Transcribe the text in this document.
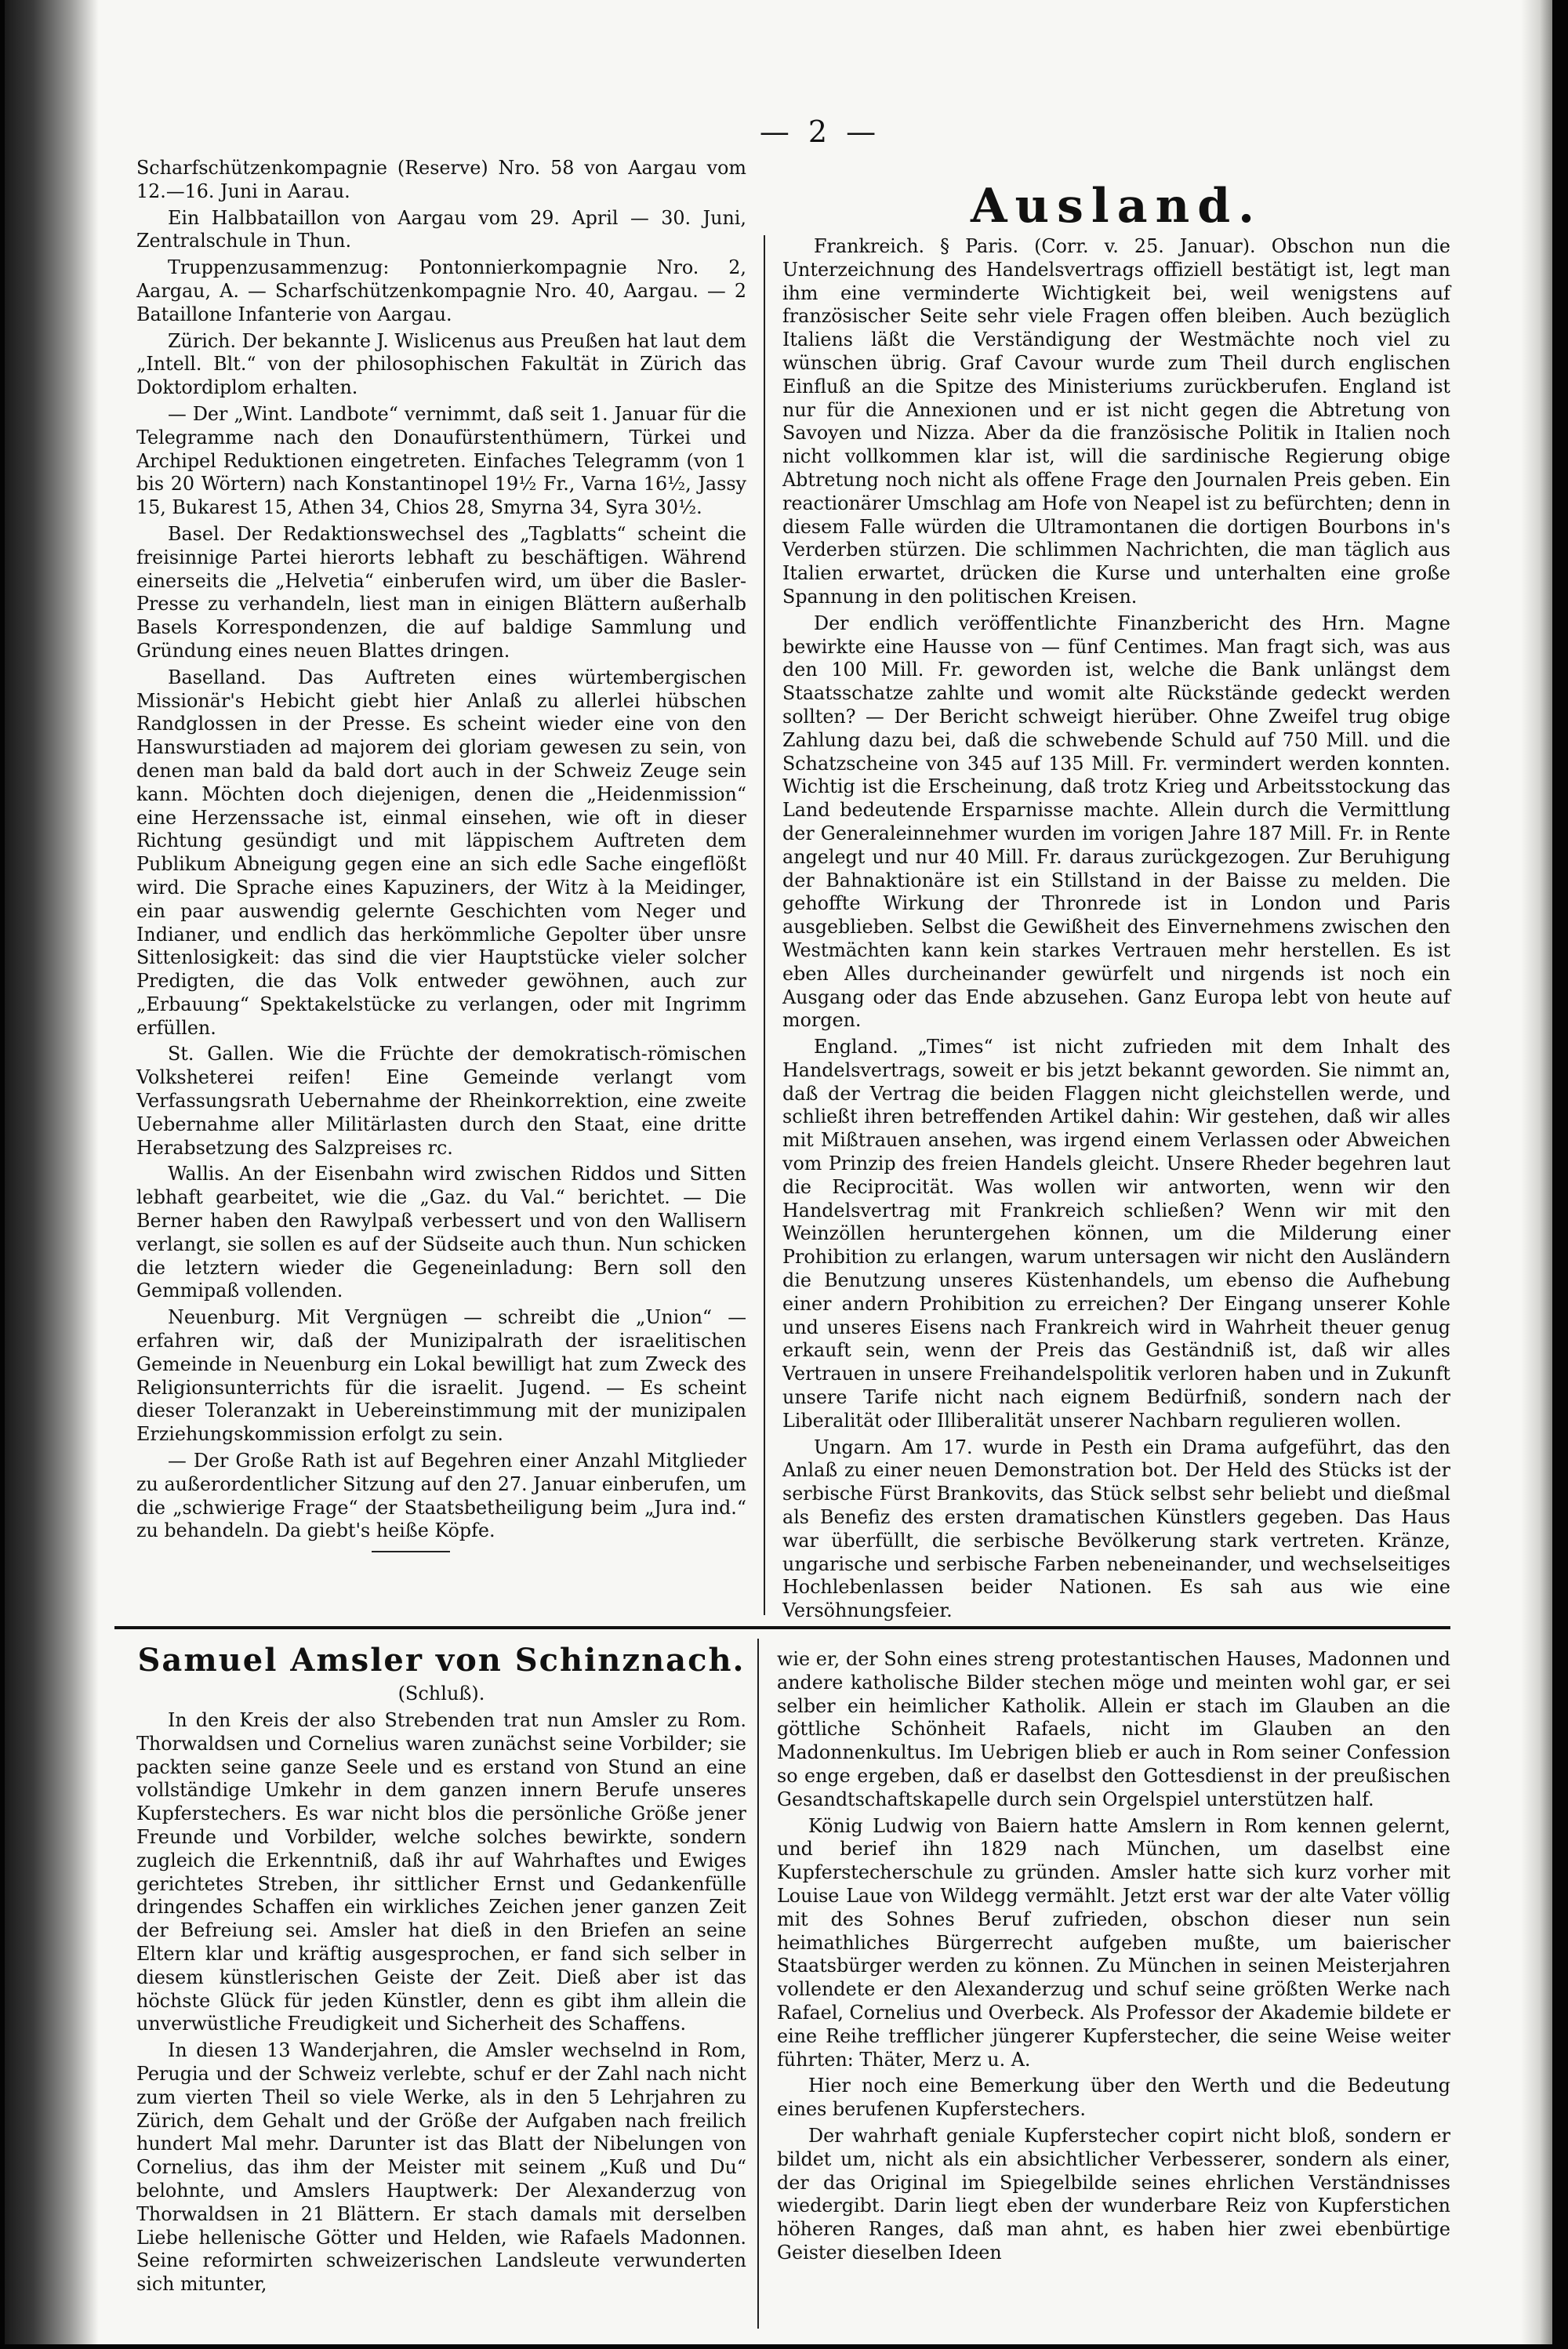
— 2 —

Scharfschützenkompagnie (Reserve) Nro. 58 von Aargau vom 12.—16. Juni in Aarau.

Ein Halbbataillon von Aargau vom 29. April — 30. Juni, Zentralschule in Thun.

Truppenzusammenzug: Pontonnierkompagnie Nro. 2, Aargau, A. — Scharfschützenkompagnie Nro. 40, Aargau. — 2 Bataillone Infanterie von Aargau.

Zürich. Der bekannte J. Wislicenus aus Preußen hat laut dem „Intell. Blt.“ von der philosophischen Fakultät in Zürich das Doktordiplom erhalten.

— Der „Wint. Landbote“ vernimmt, daß seit 1. Januar für die Telegramme nach den Donaufürstenthümern, Türkei und Archipel Reduktionen eingetreten. Einfaches Telegramm (von 1 bis 20 Wörtern) nach Konstantinopel 19½ Fr., Varna 16½, Jassy 15, Bukarest 15, Athen 34, Chios 28, Smyrna 34, Syra 30½.

Basel. Der Redaktionswechsel des „Tagblatts“ scheint die freisinnige Partei hierorts lebhaft zu beschäftigen. Während einerseits die „Helvetia“ einberufen wird, um über die Basler-Presse zu verhandeln, liest man in einigen Blättern außerhalb Basels Korrespondenzen, die auf baldige Sammlung und Gründung eines neuen Blattes dringen.

Baselland. Das Auftreten eines würtembergischen Missionär's Hebicht giebt hier Anlaß zu allerlei hübschen Randglossen in der Presse. Es scheint wieder eine von den Hanswurstiaden ad majorem dei gloriam gewesen zu sein, von denen man bald da bald dort auch in der Schweiz Zeuge sein kann. Möchten doch diejenigen, denen die „Heidenmission“ eine Herzenssache ist, einmal einsehen, wie oft in dieser Richtung gesündigt und mit läppischem Auftreten dem Publikum Abneigung gegen eine an sich edle Sache eingeflößt wird. Die Sprache eines Kapuziners, der Witz à la Meidinger, ein paar auswendig gelernte Geschichten vom Neger und Indianer, und endlich das herkömmliche Gepolter über unsre Sittenlosigkeit: das sind die vier Hauptstücke vieler solcher Predigten, die das Volk entweder gewöhnen, auch zur „Erbauung“ Spektakelstücke zu verlangen, oder mit Ingrimm erfüllen.

St. Gallen. Wie die Früchte der demokratisch-römischen Volksheterei reifen! Eine Gemeinde verlangt vom Verfassungsrath Uebernahme der Rheinkorrektion, eine zweite Uebernahme aller Militärlasten durch den Staat, eine dritte Herabsetzung des Salzpreises rc.

Wallis. An der Eisenbahn wird zwischen Riddos und Sitten lebhaft gearbeitet, wie die „Gaz. du Val.“ berichtet. — Die Berner haben den Rawylpaß verbessert und von den Wallisern verlangt, sie sollen es auf der Südseite auch thun. Nun schicken die letztern wieder die Gegeneinladung: Bern soll den Gemmipaß vollenden.

Neuenburg. Mit Vergnügen — schreibt die „Union“ — erfahren wir, daß der Munizipalrath der israelitischen Gemeinde in Neuenburg ein Lokal bewilligt hat zum Zweck des Religionsunterrichts für die israelit. Jugend. — Es scheint dieser Toleranzakt in Uebereinstimmung mit der munizipalen Erziehungskommission erfolgt zu sein.

— Der Große Rath ist auf Begehren einer Anzahl Mitglieder zu außerordentlicher Sitzung auf den 27. Januar einberufen, um die „schwierige Frage“ der Staatsbetheiligung beim „Jura ind.“ zu behandeln. Da giebt's heiße Köpfe.

Ausland.

Frankreich. § Paris. (Corr. v. 25. Januar). Obschon nun die Unterzeichnung des Handelsvertrags offiziell bestätigt ist, legt man ihm eine verminderte Wichtigkeit bei, weil wenigstens auf französischer Seite sehr viele Fragen offen bleiben. Auch bezüglich Italiens läßt die Verständigung der Westmächte noch viel zu wünschen übrig. Graf Cavour wurde zum Theil durch englischen Einfluß an die Spitze des Ministeriums zurückberufen. England ist nur für die Annexionen und er ist nicht gegen die Abtretung von Savoyen und Nizza. Aber da die französische Politik in Italien noch nicht vollkommen klar ist, will die sardinische Regierung obige Abtretung noch nicht als offene Frage den Journalen Preis geben. Ein reactionärer Umschlag am Hofe von Neapel ist zu befürchten; denn in diesem Falle würden die Ultramontanen die dortigen Bourbons in's Verderben stürzen. Die schlimmen Nachrichten, die man täglich aus Italien erwartet, drücken die Kurse und unterhalten eine große Spannung in den politischen Kreisen.

Der endlich veröffentlichte Finanzbericht des Hrn. Magne bewirkte eine Hausse von — fünf Centimes. Man fragt sich, was aus den 100 Mill. Fr. geworden ist, welche die Bank unlängst dem Staatsschatze zahlte und womit alte Rückstände gedeckt werden sollten? — Der Bericht schweigt hierüber. Ohne Zweifel trug obige Zahlung dazu bei, daß die schwebende Schuld auf 750 Mill. und die Schatzscheine von 345 auf 135 Mill. Fr. vermindert werden konnten. Wichtig ist die Erscheinung, daß trotz Krieg und Arbeitsstockung das Land bedeutende Ersparnisse machte. Allein durch die Vermittlung der Generaleinnehmer wurden im vorigen Jahre 187 Mill. Fr. in Rente angelegt und nur 40 Mill. Fr. daraus zurückgezogen. Zur Beruhigung der Bahnaktionäre ist ein Stillstand in der Baisse zu melden. Die gehoffte Wirkung der Thronrede ist in London und Paris ausgeblieben. Selbst die Gewißheit des Einvernehmens zwischen den Westmächten kann kein starkes Vertrauen mehr herstellen. Es ist eben Alles durcheinander gewürfelt und nirgends ist noch ein Ausgang oder das Ende abzusehen. Ganz Europa lebt von heute auf morgen.

England. „Times“ ist nicht zufrieden mit dem Inhalt des Handelsvertrags, soweit er bis jetzt bekannt geworden. Sie nimmt an, daß der Vertrag die beiden Flaggen nicht gleichstellen werde, und schließt ihren betreffenden Artikel dahin: Wir gestehen, daß wir alles mit Mißtrauen ansehen, was irgend einem Verlassen oder Abweichen vom Prinzip des freien Handels gleicht. Unsere Rheder begehren laut die Reciprocität. Was wollen wir antworten, wenn wir den Handelsvertrag mit Frankreich schließen? Wenn wir mit den Weinzöllen heruntergehen können, um die Milderung einer Prohibition zu erlangen, warum untersagen wir nicht den Ausländern die Benutzung unseres Küstenhandels, um ebenso die Aufhebung einer andern Prohibition zu erreichen? Der Eingang unserer Kohle und unseres Eisens nach Frankreich wird in Wahrheit theuer genug erkauft sein, wenn der Preis das Geständniß ist, daß wir alles Vertrauen in unsere Freihandelspolitik verloren haben und in Zukunft unsere Tarife nicht nach eignem Bedürfniß, sondern nach der Liberalität oder Illiberalität unserer Nachbarn regulieren wollen.

Ungarn. Am 17. wurde in Pesth ein Drama aufgeführt, das den Anlaß zu einer neuen Demonstration bot. Der Held des Stücks ist der serbische Fürst Brankovits, das Stück selbst sehr beliebt und dießmal als Benefiz des ersten dramatischen Künstlers gegeben. Das Haus war überfüllt, die serbische Bevölkerung stark vertreten. Kränze, ungarische und serbische Farben nebeneinander, und wechselseitiges Hochlebenlassen beider Nationen. Es sah aus wie eine Versöhnungsfeier.

Samuel Amsler von Schinznach.
(Schluß).

In den Kreis der also Strebenden trat nun Amsler zu Rom. Thorwaldsen und Cornelius waren zunächst seine Vorbilder; sie packten seine ganze Seele und es erstand von Stund an eine vollständige Umkehr in dem ganzen innern Berufe unseres Kupferstechers. Es war nicht blos die persönliche Größe jener Freunde und Vorbilder, welche solches bewirkte, sondern zugleich die Erkenntniß, daß ihr auf Wahrhaftes und Ewiges gerichtetes Streben, ihr sittlicher Ernst und Gedankenfülle dringendes Schaffen ein wirkliches Zeichen jener ganzen Zeit der Befreiung sei. Amsler hat dieß in den Briefen an seine Eltern klar und kräftig ausgesprochen, er fand sich selber in diesem künstlerischen Geiste der Zeit. Dieß aber ist das höchste Glück für jeden Künstler, denn es gibt ihm allein die unverwüstliche Freudigkeit und Sicherheit des Schaffens.

In diesen 13 Wanderjahren, die Amsler wechselnd in Rom, Perugia und der Schweiz verlebte, schuf er der Zahl nach nicht zum vierten Theil so viele Werke, als in den 5 Lehrjahren zu Zürich, dem Gehalt und der Größe der Aufgaben nach freilich hundert Mal mehr. Darunter ist das Blatt der Nibelungen von Cornelius, das ihm der Meister mit seinem „Kuß und Du“ belohnte, und Amslers Hauptwerk: Der Alexanderzug von Thorwaldsen in 21 Blättern. Er stach damals mit derselben Liebe hellenische Götter und Helden, wie Rafaels Madonnen. Seine reformirten schweizerischen Landsleute verwunderten sich mitunter,

wie er, der Sohn eines streng protestantischen Hauses, Madonnen und andere katholische Bilder stechen möge und meinten wohl gar, er sei selber ein heimlicher Katholik. Allein er stach im Glauben an die göttliche Schönheit Rafaels, nicht im Glauben an den Madonnenkultus. Im Uebrigen blieb er auch in Rom seiner Confession so enge ergeben, daß er daselbst den Gottesdienst in der preußischen Gesandtschaftskapelle durch sein Orgelspiel unterstützen half.

König Ludwig von Baiern hatte Amslern in Rom kennen gelernt, und berief ihn 1829 nach München, um daselbst eine Kupferstecherschule zu gründen. Amsler hatte sich kurz vorher mit Louise Laue von Wildegg vermählt. Jetzt erst war der alte Vater völlig mit des Sohnes Beruf zufrieden, obschon dieser nun sein heimathliches Bürgerrecht aufgeben mußte, um baierischer Staatsbürger werden zu können. Zu München in seinen Meisterjahren vollendete er den Alexanderzug und schuf seine größten Werke nach Rafael, Cornelius und Overbeck. Als Professor der Akademie bildete er eine Reihe trefflicher jüngerer Kupferstecher, die seine Weise weiter führten: Thäter, Merz u. A.

Hier noch eine Bemerkung über den Werth und die Bedeutung eines berufenen Kupferstechers.

Der wahrhaft geniale Kupferstecher copirt nicht bloß, sondern er bildet um, nicht als ein absichtlicher Verbesserer, sondern als einer, der das Original im Spiegelbilde seines ehrlichen Verständnisses wiedergibt. Darin liegt eben der wunderbare Reiz von Kupferstichen höheren Ranges, daß man ahnt, es haben hier zwei ebenbürtige Geister dieselben Ideen
